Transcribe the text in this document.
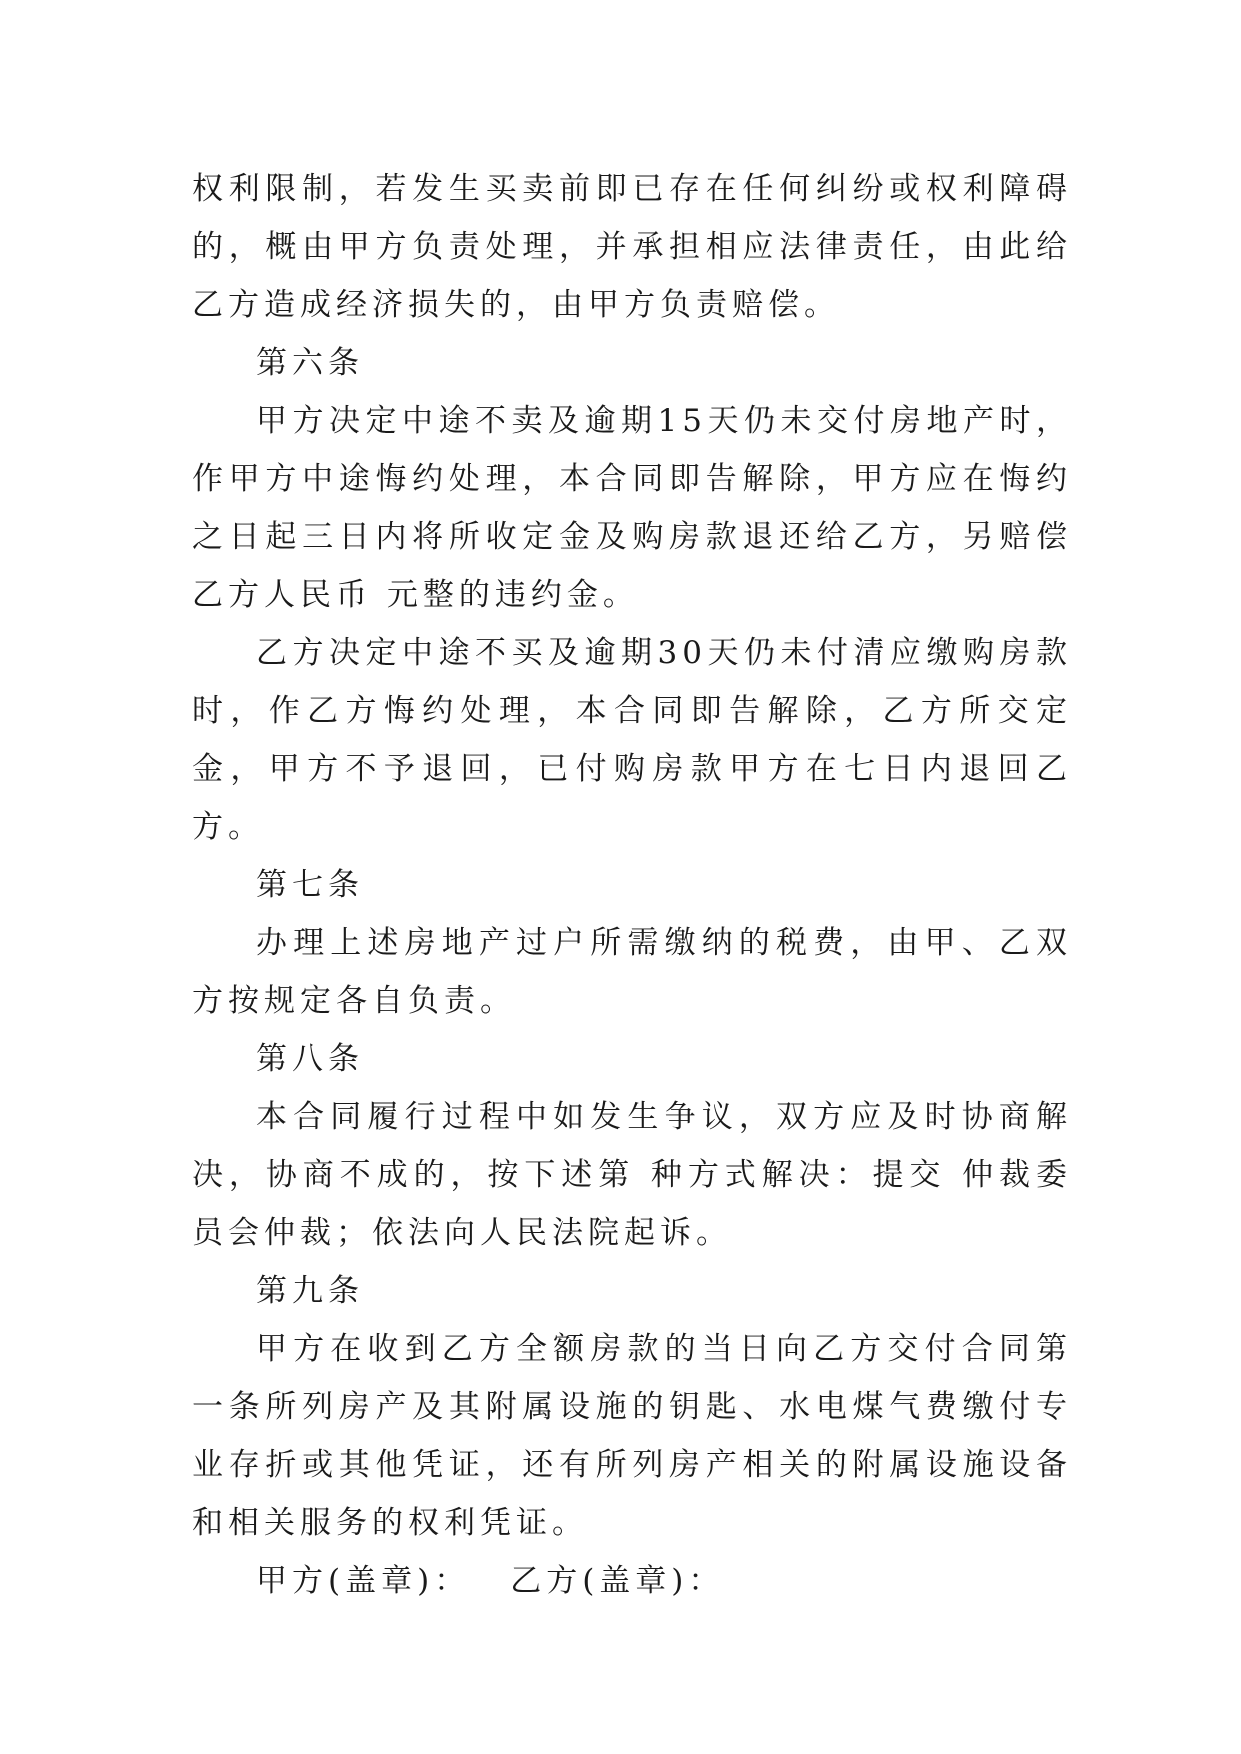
权利限制，若发生买卖前即已存在任何纠纷或权利障碍的，概由甲方负责处理，并承担相应法律责任，由此给乙方造成经济损失的，由甲方负责赔偿。

第六条

甲方决定中途不卖及逾期15天仍未交付房地产时，作甲方中途悔约处理，本合同即告解除，甲方应在悔约之日起三日内将所收定金及购房款退还给乙方，另赔偿乙方人民币 元整的违约金。

乙方决定中途不买及逾期30天仍未付清应缴购房款时，作乙方悔约处理，本合同即告解除，乙方所交定金，甲方不予退回，已付购房款甲方在七日内退回乙方。

第七条

办理上述房地产过户所需缴纳的税费，由甲、乙双方按规定各自负责。

第八条

本合同履行过程中如发生争议，双方应及时协商解决，协商不成的，按下述第 种方式解决：提交 仲裁委员会仲裁；依法向人民法院起诉。

第九条

甲方在收到乙方全额房款的当日向乙方交付合同第一条所列房产及其附属设施的钥匙、水电煤气费缴付专业存折或其他凭证，还有所列房产相关的附属设施设备和相关服务的权利凭证。

甲方(盖章)： 乙方(盖章)：
